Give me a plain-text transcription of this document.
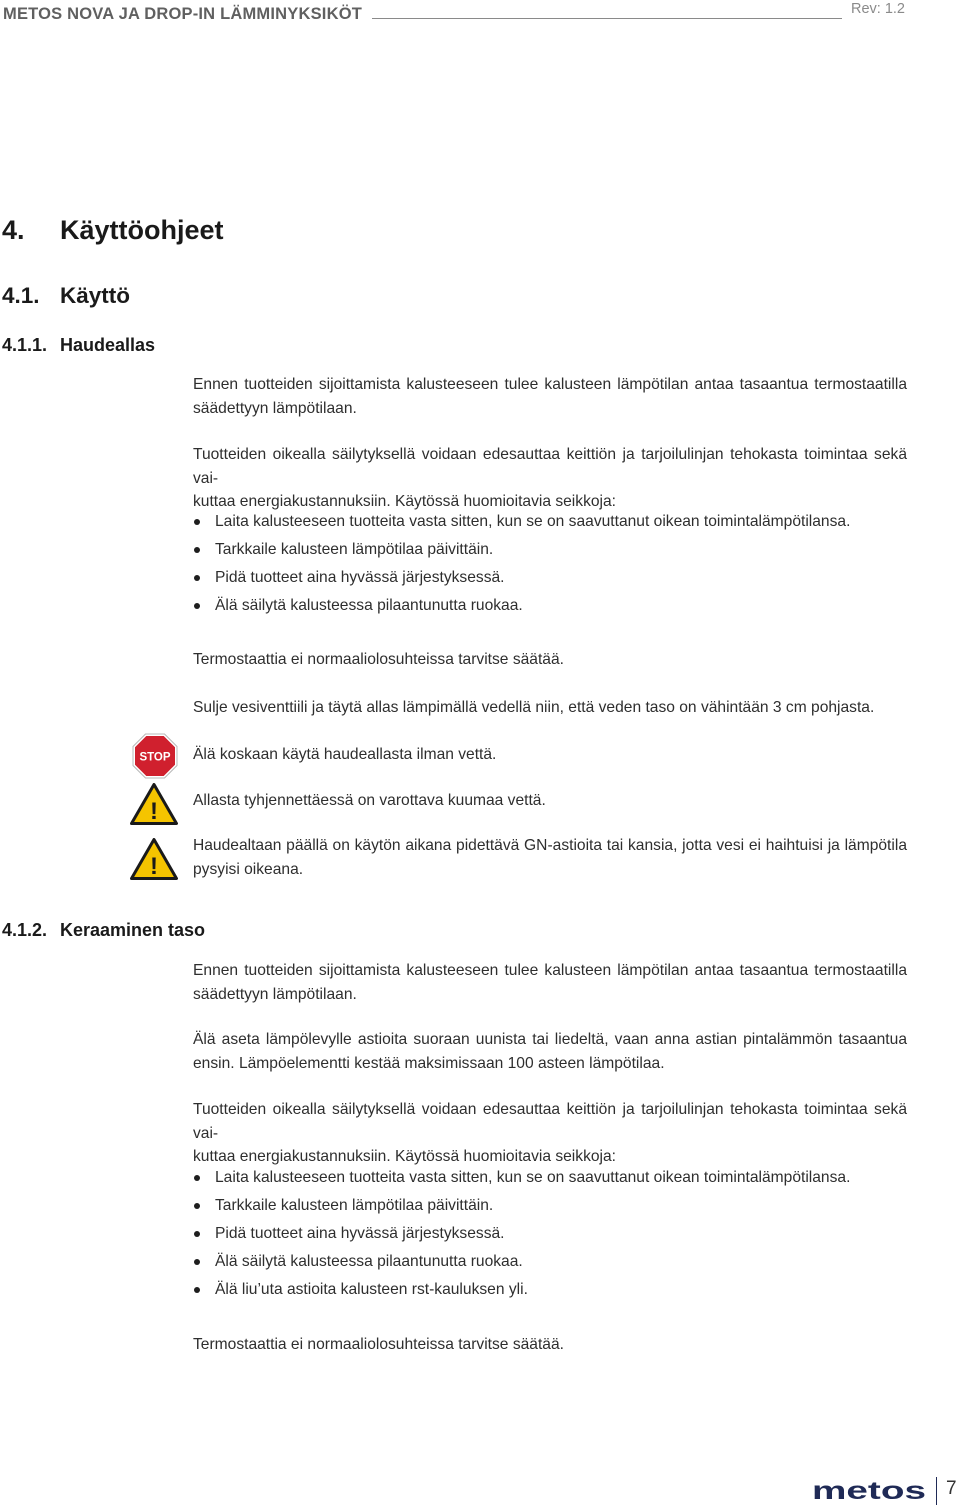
METOS NOVA JA DROP-IN LÄMMINYKSIKÖT	Rev: 1.2
4. Käyttöohjeet
4.1. Käyttö
4.1.1. Haudeallas
Ennen tuotteiden sijoittamista kalusteeseen tulee kalusteen lämpötilan antaa tasaantua termostaatilla
säädettyyn lämpötilaan.
Tuotteiden oikealla säilytyksellä voidaan edesauttaa keittiön ja tarjoilulinjan tehokasta toimintaa sekä vai-
kuttaa energiakustannuksiin. Käytössä huomioitavia seikkoja:
Laita kalusteeseen tuotteita vasta sitten, kun se on saavuttanut oikean toimintalämpötilansa.
Tarkkaile kalusteen lämpötilaa päivittäin.
Pidä tuotteet aina hyvässä järjestyksessä.
Älä säilytä kalusteessa pilaantunutta ruokaa.
Termostaattia ei normaaliolosuhteissa tarvitse säätää.
Sulje vesiventtiili ja täytä allas lämpimällä vedellä niin, että veden taso on vähintään 3 cm pohjasta.
STOP Älä koskaan käytä haudeallasta ilman vettä.
! Allasta tyhjennettäessä on varottava kuumaa vettä.
!
Haudealtaan päällä on käytön aikana pidettävä GN-astioita tai kansia, jotta vesi ei haihtuisi ja lämpötila
pysyisi oikeana.
4.1.2. Keraaminen taso
Ennen tuotteiden sijoittamista kalusteeseen tulee kalusteen lämpötilan antaa tasaantua termostaatilla
säädettyyn lämpötilaan.
Älä aseta lämpölevylle astioita suoraan uunista tai liedeltä, vaan anna astian pintalämmön tasaantua
ensin. Lämpöelementti kestää maksimissaan 100 asteen lämpötilaa.
Tuotteiden oikealla säilytyksellä voidaan edesauttaa keittiön ja tarjoilulinjan tehokasta toimintaa sekä vai-
kuttaa energiakustannuksiin. Käytössä huomioitavia seikkoja:
Laita kalusteeseen tuotteita vasta sitten, kun se on saavuttanut oikean toimintalämpötilansa.
Tarkkaile kalusteen lämpötilaa päivittäin.
Pidä tuotteet aina hyvässä järjestyksessä.
Älä säilytä kalusteessa pilaantunutta ruokaa.
Älä liu’uta astioita kalusteen rst-kauluksen yli.
Termostaattia ei normaaliolosuhteissa tarvitse säätää.
metos 7
